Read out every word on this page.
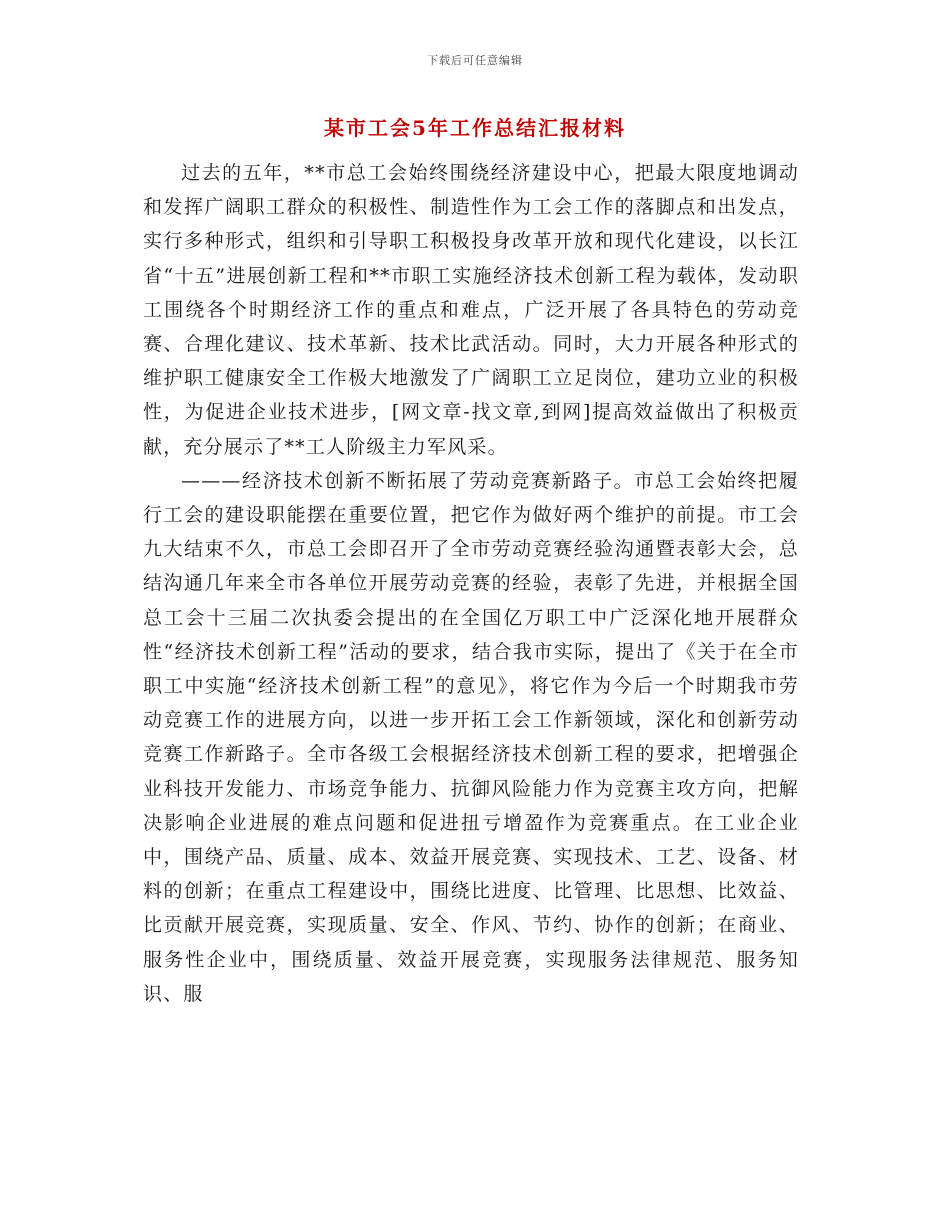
下载后可任意编辑
某市工会5年工作总结汇报材料

过去的五年，**市总工会始终围绕经济建设中心，把最大限度地调动和发挥广阔职工群众的积极性、制造性作为工会工作的落脚点和出发点，实行多种形式，组织和引导职工积极投身改革开放和现代化建设，以长江省“十五”进展创新工程和**市职工实施经济技术创新工程为载体，发动职工围绕各个时期经济工作的重点和难点，广泛开展了各具特色的劳动竞赛、合理化建议、技术革新、技术比武活动。同时，大力开展各种形式的维护职工健康安全工作极大地激发了广阔职工立足岗位，建功立业的积极性，为促进企业技术进步，[网文章-找文章,到网]提高效益做出了积极贡献，充分展示了**工人阶级主力军风采。

———经济技术创新不断拓展了劳动竞赛新路子。市总工会始终把履行工会的建设职能摆在重要位置，把它作为做好两个维护的前提。市工会九大结束不久，市总工会即召开了全市劳动竞赛经验沟通暨表彰大会，总结沟通几年来全市各单位开展劳动竞赛的经验，表彰了先进，并根据全国总工会十三届二次执委会提出的在全国亿万职工中广泛深化地开展群众性“经济技术创新工程”活动的要求，结合我市实际，提出了《关于在全市职工中实施“经济技术创新工程”的意见》，将它作为今后一个时期我市劳动竞赛工作的进展方向，以进一步开拓工会工作新领域，深化和创新劳动竞赛工作新路子。全市各级工会根据经济技术创新工程的要求，把增强企业科技开发能力、市场竞争能力、抗御风险能力作为竞赛主攻方向，把解决影响企业进展的难点问题和促进扭亏增盈作为竞赛重点。在工业企业中，围绕产品、质量、成本、效益开展竞赛、实现技术、工艺、设备、材料的创新；在重点工程建设中，围绕比进度、比管理、比思想、比效益、比贡献开展竞赛，实现质量、安全、作风、节约、协作的创新；在商业、服务性企业中，围绕质量、效益开展竞赛，实现服务法律规范、服务知识、服
